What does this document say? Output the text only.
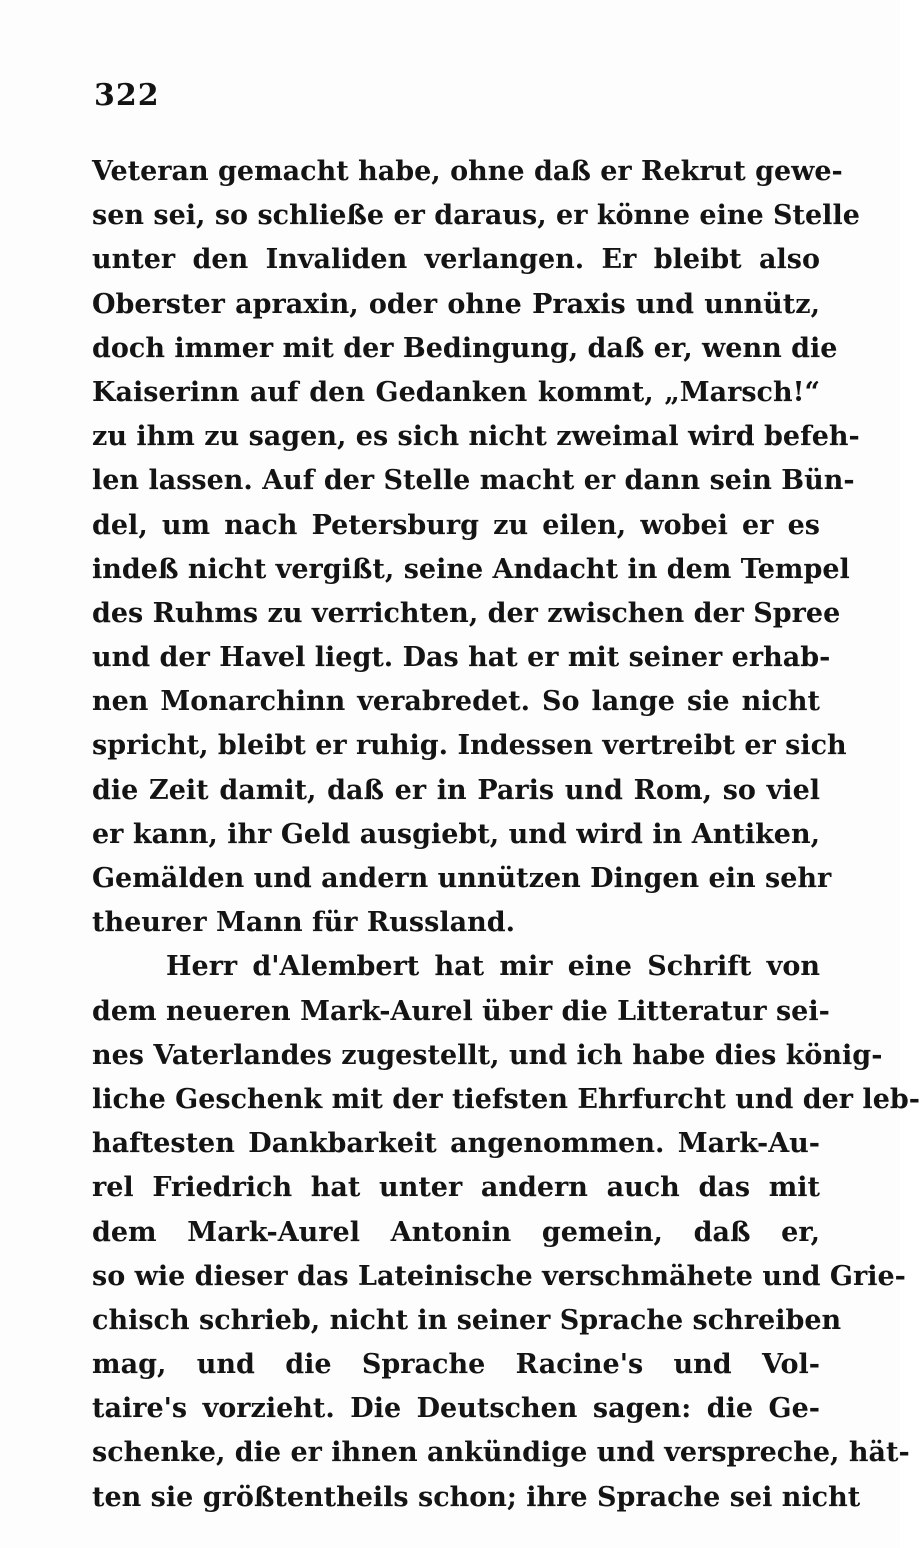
322
Veteran gemacht habe, ohne daß er Rekrut gewe-
sen sei, so schließe er daraus, er könne eine Stelle
unter den Invaliden verlangen. Er bleibt also
Oberster apraxin, oder ohne Praxis und unnütz,
doch immer mit der Bedingung, daß er, wenn die
Kaiserinn auf den Gedanken kommt, „Marsch!“
zu ihm zu sagen, es sich nicht zweimal wird befeh-
len lassen. Auf der Stelle macht er dann sein Bün-
del, um nach Petersburg zu eilen, wobei er es
indeß nicht vergißt, seine Andacht in dem Tempel
des Ruhms zu verrichten, der zwischen der Spree
und der Havel liegt. Das hat er mit seiner erhab-
nen Monarchinn verabredet. So lange sie nicht
spricht, bleibt er ruhig. Indessen vertreibt er sich
die Zeit damit, daß er in Paris und Rom, so viel
er kann, ihr Geld ausgiebt, und wird in Antiken,
Gemälden und andern unnützen Dingen ein sehr
theurer Mann für Russland.
Herr d'Alembert hat mir eine Schrift von
dem neueren Mark-Aurel über die Litteratur sei-
nes Vaterlandes zugestellt, und ich habe dies könig-
liche Geschenk mit der tiefsten Ehrfurcht und der leb-
haftesten Dankbarkeit angenommen. Mark-Au-
rel Friedrich hat unter andern auch das mit
dem Mark-Aurel Antonin gemein, daß er,
so wie dieser das Lateinische verschmähete und Grie-
chisch schrieb, nicht in seiner Sprache schreiben
mag, und die Sprache Racine's und Vol-
taire's vorzieht. Die Deutschen sagen: die Ge-
schenke, die er ihnen ankündige und verspreche, hät-
ten sie größtentheils schon; ihre Sprache sei nicht
